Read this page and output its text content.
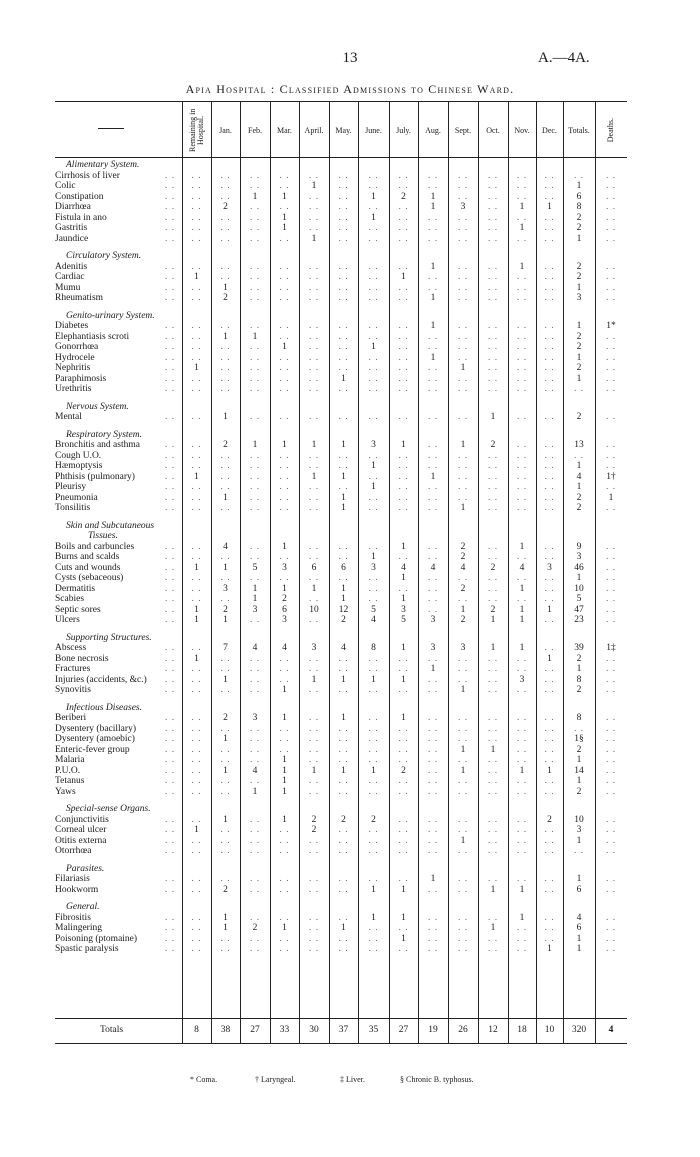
13	A.—4A.
Apia Hospital : Classified Admissions to Chinese Ward.
Remaining in Hospital. Jan. Feb. Mar. April. May. June. July. Aug. Sept. Oct. Nov. Dec. Totals. Deaths.
Alimentary System.
Cirrhosis of liver	. .	. .	. .	. .	. .	. .	. .	. .	. .	. .	. .	. .	. .	. .	. .	. .
Colic	. .	. .	. .	. .	. .	1	. .	. .	. .	. .	. .	. .	. .	. .	1	. .
Constipation	. .	. .	. .	1	1	. .	. .	1	2	1	. .	. .	. .	. .	6	. .
Diarrhœa	. .	. .	2	. .	. .	. .	. .	. .	. .	1	3	. .	1	1	8	. .
Fistula in ano	. .	. .	. .	. .	1	. .	. .	1	. .	. .	. .	. .	. .	. .	2	. .
Gastritis	. .	. .	. .	. .	1	. .	. .	. .	. .	. .	. .	. .	1	. .	2	. .
Jaundice	. .	. .	. .	. .	. .	1	. .	. .	. .	. .	. .	. .	. .	. .	1	. .
Circulatory System.
Adenitis	. .	. .	. .	. .	. .	. .	. .	. .	. .	1	. .	. .	1	. .	2	. .
Cardiac	. .	1	. .	. .	. .	. .	. .	. .	1	. .	. .	. .	. .	. .	2	. .
Mumu	. .	. .	1	. .	. .	. .	. .	. .	. .	. .	. .	. .	. .	. .	1	. .
Rheumatism	. .	. .	2	. .	. .	. .	. .	. .	. .	1	. .	. .	. .	. .	3	. .
Genito-urinary System.
Diabetes	. .	. .	. .	. .	. .	. .	. .	. .	. .	1	. .	. .	. .	. .	1	1*
Elephantiasis scroti	. .	. .	1	1	. .	. .	. .	. .	. .	. .	. .	. .	. .	. .	2	. .
Gonorrhœa	. .	. .	. .	. .	1	. .	. .	1	. .	. .	. .	. .	. .	. .	2	. .
Hydrocele	. .	. .	. .	. .	. .	. .	. .	. .	. .	1	. .	. .	. .	. .	1	. .
Nephritis	. .	1	. .	. .	. .	. .	. .	. .	. .	. .	1	. .	. .	. .	2	. .
Paraphimosis	. .	. .	. .	. .	. .	. .	1	. .	. .	. .	. .	. .	. .	. .	1	. .
Urethritis	. .	. .	. .	. .	. .	. .	. .	. .	. .	. .	. .	. .	. .	. .	. .	. .
Nervous System.
Mental	. .	. .	1	. .	. .	. .	. .	. .	. .	. .	. .	1	. .	. .	2	. .
Respiratory System.
Bronchitis and asthma	. .	. .	2	1	1	1	1	3	1	. .	1	2	. .	. .	13	. .
Cough U.O.	. .	. .	. .	. .	. .	. .	. .	. .	. .	. .	. .	. .	. .	. .	. .	. .
Hæmoptysis	. .	. .	. .	. .	. .	. .	. .	1	. .	. .	. .	. .	. .	. .	1	. .
Phthisis (pulmonary)	. .	1	. .	. .	. .	1	1	. .	. .	1	. .	. .	. .	. .	4	1†
Pleurisy	. .	. .	. .	. .	. .	. .	. .	1	. .	. .	. .	. .	. .	. .	1	. .
Pneumonia	. .	. .	1	. .	. .	. .	1	. .	. .	. .	. .	. .	. .	. .	2	1
Tonsilitis	. .	. .	. .	. .	. .	. .	1	. .	. .	. .	1	. .	. .	. .	2	. .
Skin and Subcutaneous
Tissues.
Boils and carbuncles	. .	. .	4	. .	1	. .	. .	. .	1	. .	2	. .	1	. .	9	. .
Burns and scalds	. .	. .	. .	. .	. .	. .	. .	1	. .	. .	2	. .	. .	. .	3	. .
Cuts and wounds	. .	1	1	5	3	6	6	3	4	4	4	2	4	3	46	. .
Cysts (sebaceous)	. .	. .	. .	. .	. .	. .	. .	. .	1	. .	. .	. .	. .	. .	1	. .
Dermatitis	. .	. .	3	1	1	1	1	. .	. .	. .	2	. .	1	. .	10	. .
Scabies	. .	. .	. .	1	2	. .	1	. .	1	. .	. .	. .	. .	. .	5	. .
Septic sores	. .	1	2	3	6	10	12	5	3	. .	1	2	1	1	47	. .
Ulcers	. .	1	1	. .	3	. .	2	4	5	3	2	1	1	. .	23	. .
Supporting Structures.
Abscess	. .	. .	7	4	4	3	4	8	1	3	3	1	1	. .	39	1‡
Bone necrosis	. .	1	. .	. .	. .	. .	. .	. .	. .	. .	. .	. .	. .	1	2	. .
Fractures	. .	. .	. .	. .	. .	. .	. .	. .	. .	1	. .	. .	. .	. .	1	. .
Injuries (accidents, &c.) . .	. .	1	. .	. .	1	1	1	1	. .	. .	. .	3	. .	8	. .
Synovitis	. .	. .	. .	. .	1	. .	. .	. .	. .	. .	1	. .	. .	. .	2	. .
Infectious Diseases.
Beriberi	. .	. .	2	3	1	. .	1	. .	1	. .	. .	. .	. .	. .	8	. .
Dysentery (bacillary)	. .	. .	. .	. .	. .	. .	. .	. .	. .	. .	. .	. .	. .	. .	. .	. .
Dysentery (amoebic)	. .	. .	1	. .	. .	. .	. .	. .	. .	. .	. .	. .	. .	. .	1§	. .
Enteric-fever group	. .	. .	. .	. .	. .	. .	. .	. .	. .	. .	1	1	. .	. .	2	. .
Malaria	. .	. .	. .	. .	1	. .	. .	. .	. .	. .	. .	. .	. .	. .	1	. .
P.U.O.	. .	. .	1	4	1	1	1	1	2	. .	1	. .	1	1	14	. .
Tetanus	. .	. .	. .	. .	1	. .	. .	. .	. .	. .	. .	. .	. .	. .	1	. .
Yaws	. .	. .	. .	1	1	. .	. .	. .	. .	. .	. .	. .	. .	. .	2	. .
Special-sense Organs.
Conjunctivitis	. .	. .	1	. .	1	2	2	2	. .	. .	. .	. .	. .	2	10	. .
Corneal ulcer	. .	1	. .	. .	. .	2	. .	. .	. .	. .	. .	. .	. .	. .	3	. .
Otitis externa	. .	. .	. .	. .	. .	. .	. .	. .	. .	. .	1	. .	. .	. .	1	. .
Otorrhœa	. .	. .	. .	. .	. .	. .	. .	. .	. .	. .	. .	. .	. .	. .	. .	. .
Parasites.
Filariasis	. .	. .	. .	. .	. .	. .	. .	. .	. .	1	. .	. .	. .	. .	1	. .
Hookworm	. .	. .	2	. .	. .	. .	. .	1	1	. .	. .	1	1	. .	6	. .
General.
Fibrositis	. .	. .	1	. .	. .	. .	. .	1	1	. .	. .	. .	1	. .	4	. .
Malingering	. .	. .	1	2	1	. .	1	. .	. .	. .	. .	1	. .	. .	6	. .
Poisoning (ptomaine)	. .	. .	. .	. .	. .	. .	. .	. .	1	. .	. .	. .	. .	. .	1	. .
Spastic paralysis	. .	. .	. .	. .	. .	. .	. .	. .	. .	. .	. .	. .	. .	1	1	. .
Totals	8	38	27	33	30	37	35	27	19	26	12	18	10	320	4
* Coma.	† Laryngeal.	‡ Liver.	§ Chronic B. typhosus.
